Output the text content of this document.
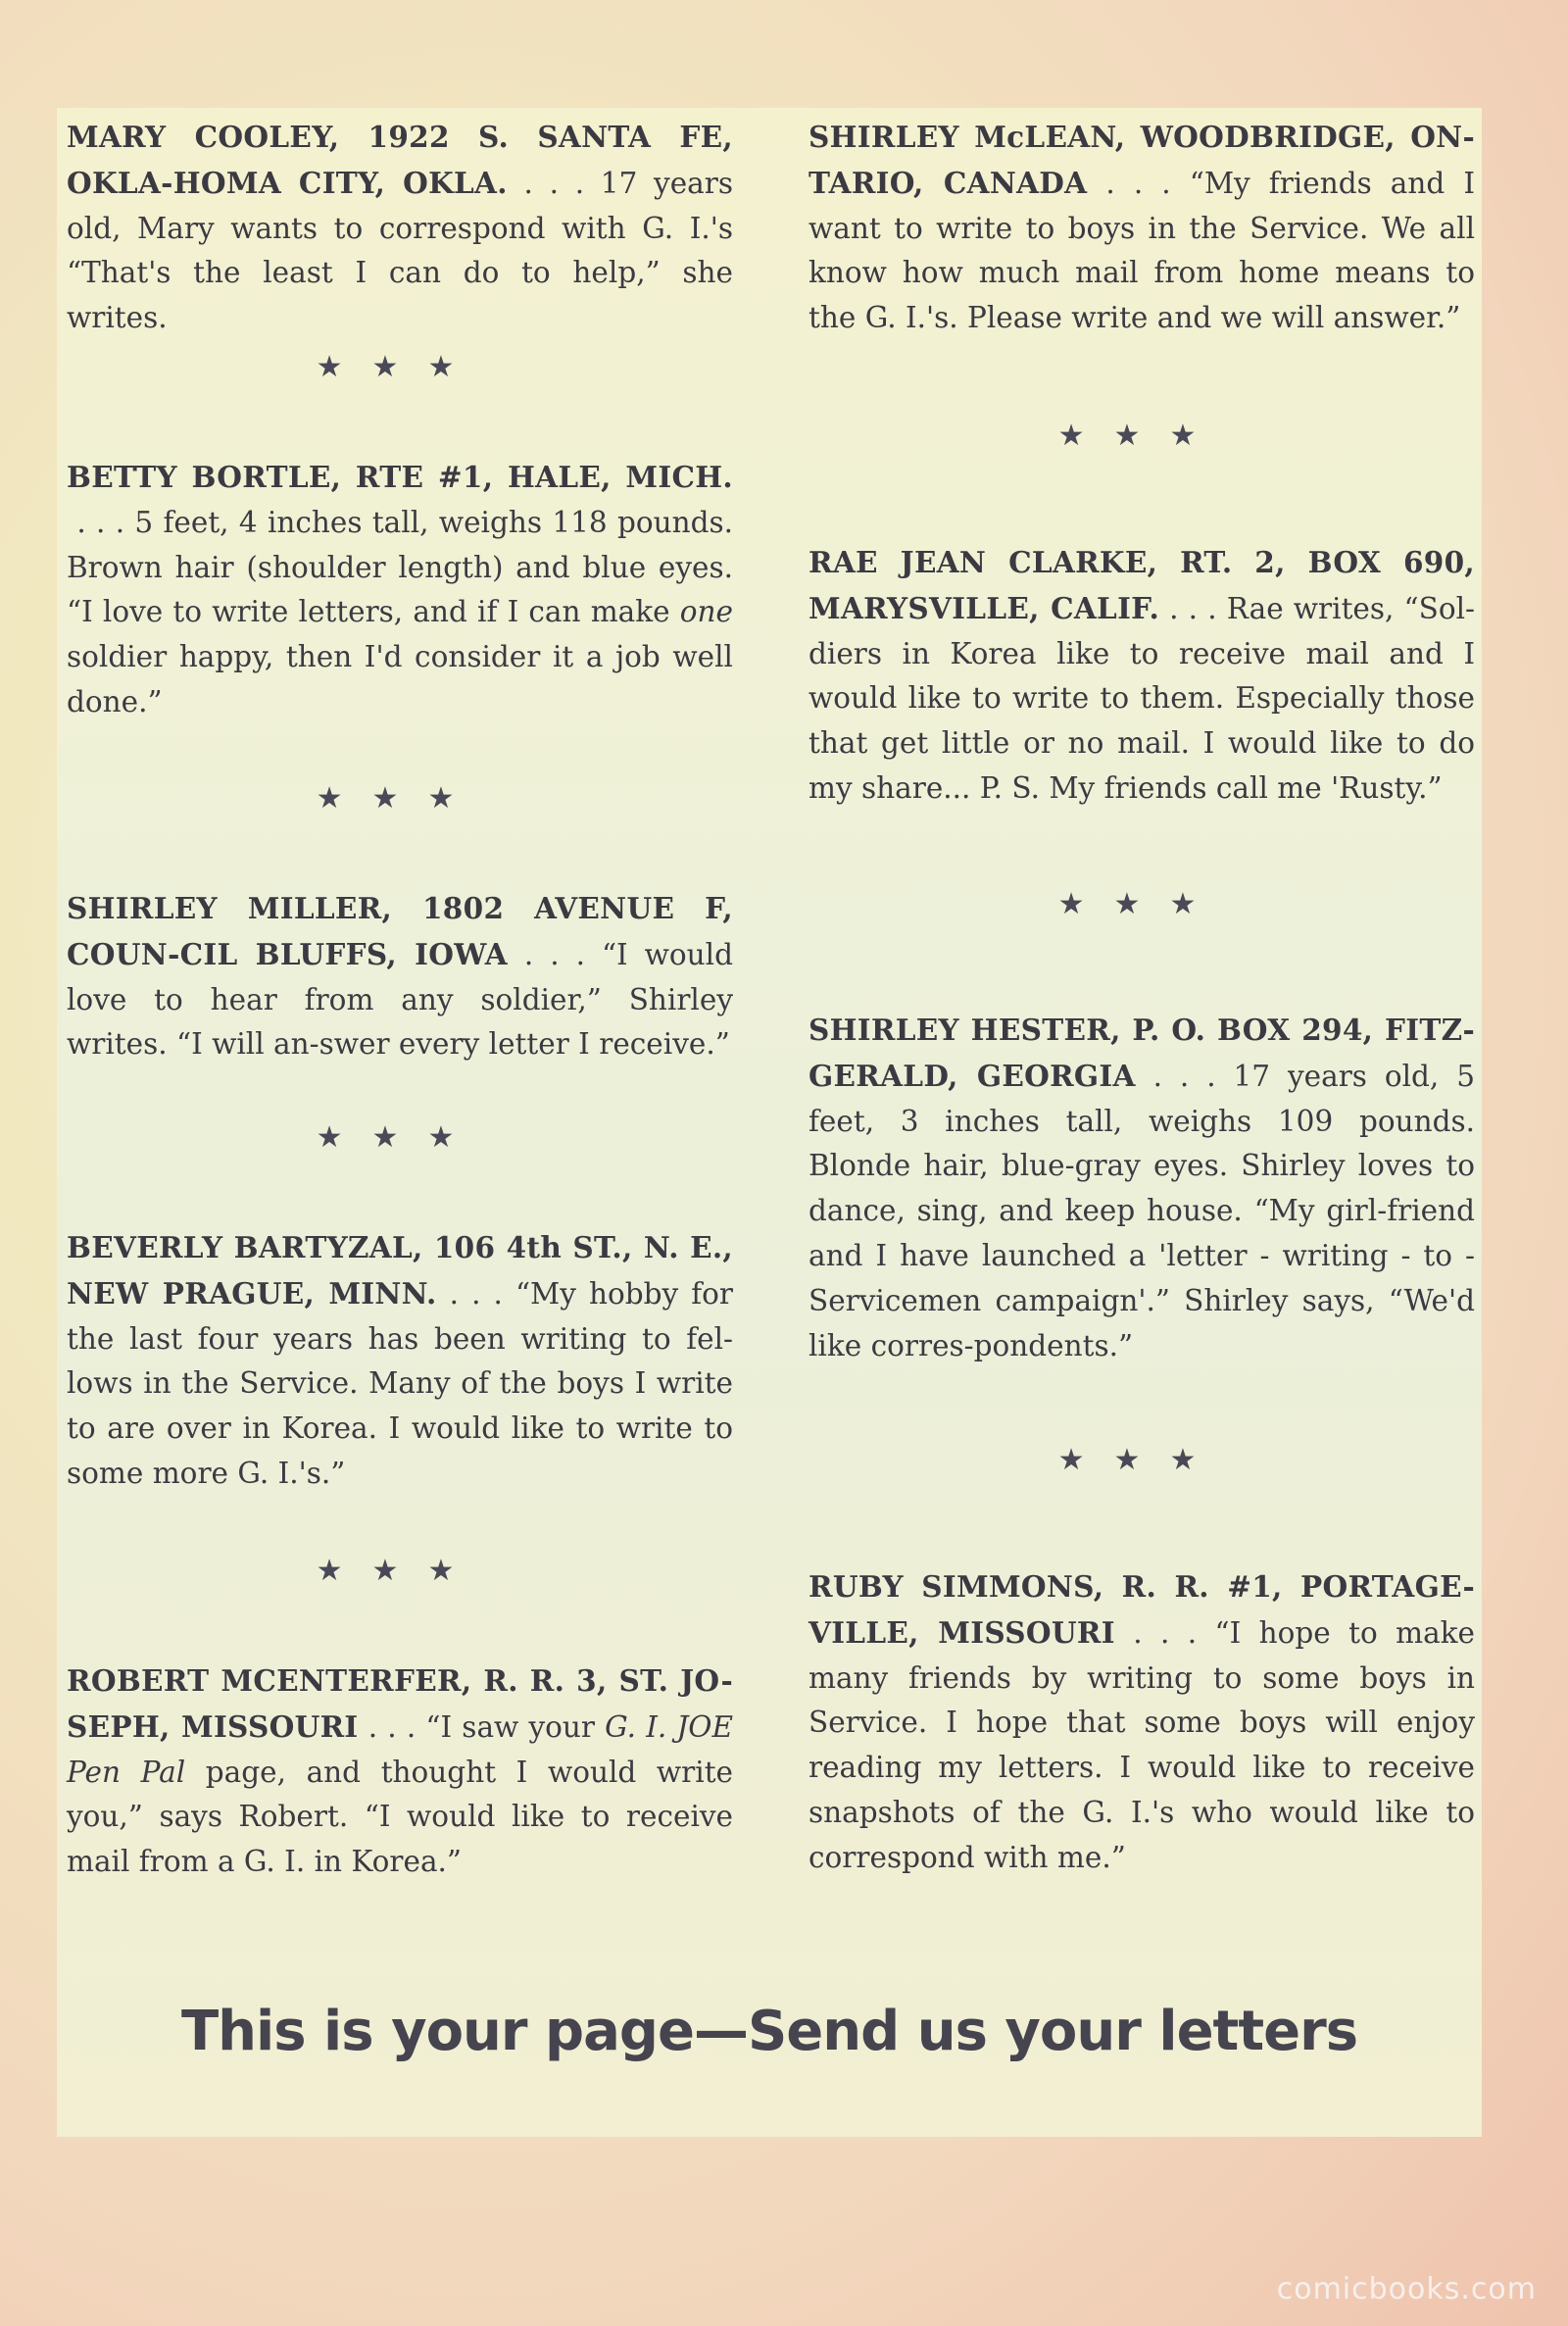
MARY COOLEY, 1922 S. SANTA FE, OKLA-HOMA CITY, OKLA. . . . 17 years old, Mary wants to correspond with G. I.'s “That's the least I can do to help,” she writes.
★★★
BETTY BORTLE, RTE #1, HALE, MICH. . . . 5 feet, 4 inches tall, weighs 118 pounds. Brown hair (shoulder length) and blue eyes. “I love to write letters, and if I can make one soldier happy, then I'd consider it a job well done.”
★★★
SHIRLEY MILLER, 1802 AVENUE F, COUN-CIL BLUFFS, IOWA . . . “I would love to hear from any soldier,” Shirley writes. “I will an-swer every letter I receive.”
★★★
BEVERLY BARTYZAL, 106 4th ST., N. E., NEW PRAGUE, MINN. . . . “My hobby for the last four years has been writing to fel-lows in the Service. Many of the boys I write to are over in Korea. I would like to write to some more G. I.'s.”
★★★
ROBERT MCENTERFER, R. R. 3, ST. JO-SEPH, MISSOURI . . . “I saw your G. I. JOE Pen Pal page, and thought I would write you,” says Robert. “I would like to receive mail from a G. I. in Korea.”
SHIRLEY McLEAN, WOODBRIDGE, ON-TARIO, CANADA . . . “My friends and I want to write to boys in the Service. We all know how much mail from home means to the G. I.'s. Please write and we will answer.”
★★★
RAE JEAN CLARKE, RT. 2, BOX 690, MARYSVILLE, CALIF. . . . Rae writes, “Sol-diers in Korea like to receive mail and I would like to write to them. Especially those that get little or no mail. I would like to do my share... P. S. My friends call me 'Rusty.”
★★★
SHIRLEY HESTER, P. O. BOX 294, FITZ-GERALD, GEORGIA . . . 17 years old, 5 feet, 3 inches tall, weighs 109 pounds. Blonde hair, blue-gray eyes. Shirley loves to dance, sing, and keep house. “My girl-friend and I have launched a 'letter - writing - to - Servicemen campaign'.” Shirley says, “We'd like corres-pondents.”
★★★
RUBY SIMMONS, R. R. #1, PORTAGE-VILLE, MISSOURI . . . “I hope to make many friends by writing to some boys in Service. I hope that some boys will enjoy reading my letters. I would like to receive snapshots of the G. I.'s who would like to correspond with me.”
This is your page—Send us your letters
comicbooks.com
